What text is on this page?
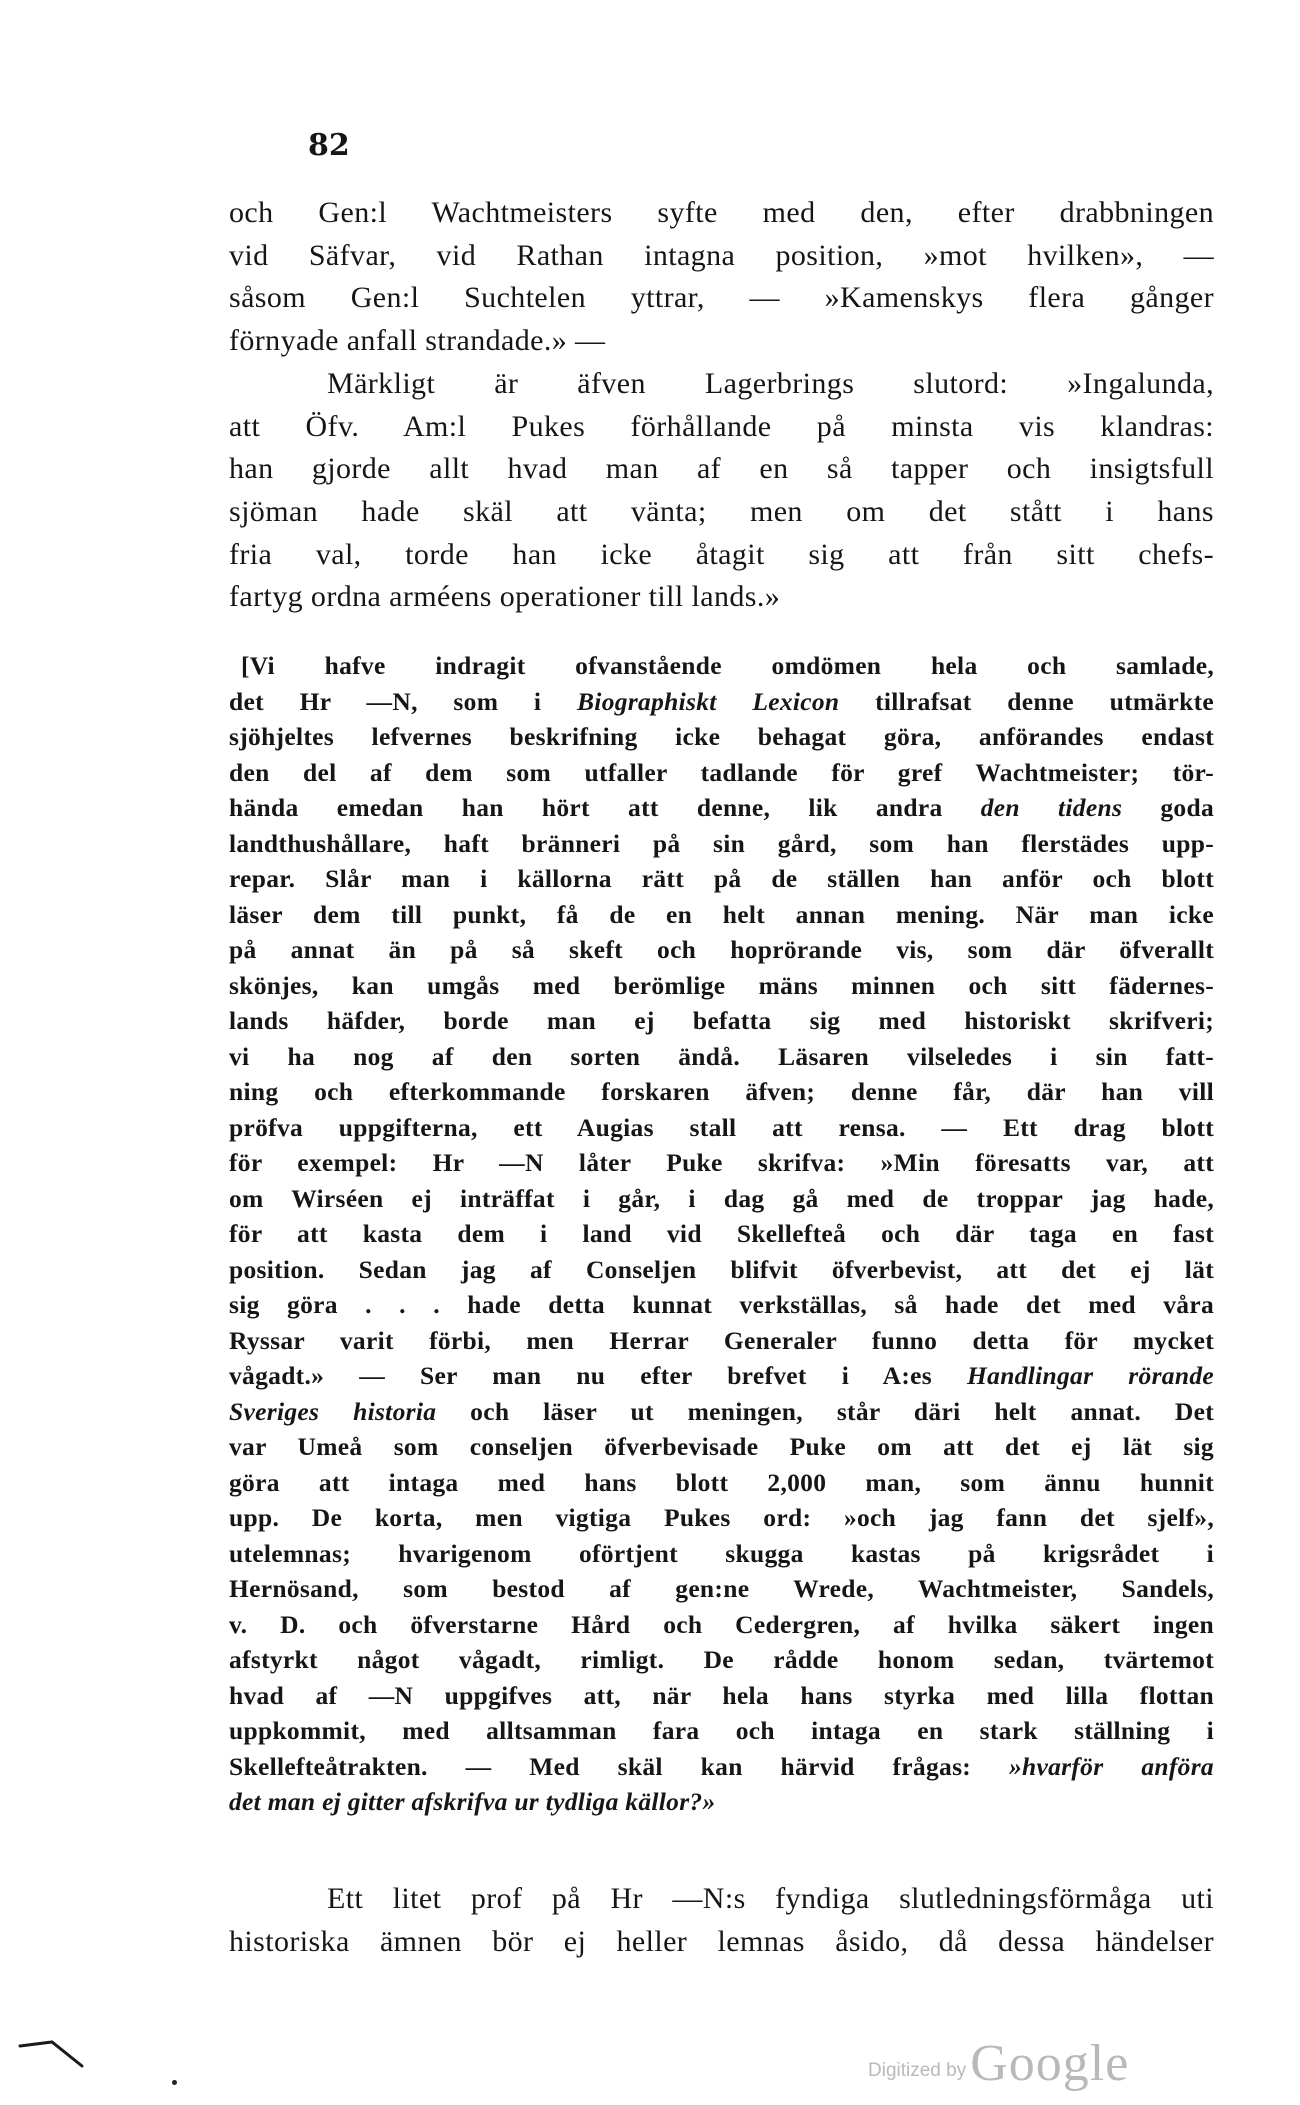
82
och Gen:l Wachtmeisters syfte med den, efter drabbningen
vid Säfvar, vid Rathan intagna position, »mot hvilken», —
såsom Gen:l Suchtelen yttrar, — »Kamenskys flera gånger
förnyade anfall strandade.» —
Märkligt är äfven Lagerbrings slutord: »Ingalunda,
att Öfv. Am:l Pukes förhållande på minsta vis klandras:
han gjorde allt hvad man af en så tapper och insigtsfull
sjöman hade skäl att vänta; men om det stått i hans
fria val, torde han icke åtagit sig att från sitt chefs-
fartyg ordna arméens operationer till lands.»
[Vi hafve indragit ofvanstående omdömen hela och samlade,
det Hr —N, som i Biographiskt Lexicon tillrafsat denne utmärkte
sjöhjeltes lefvernes beskrifning icke behagat göra, anförandes endast
den del af dem som utfaller tadlande för gref Wachtmeister; tör-
hända emedan han hört att denne, lik andra den tidens goda
landthushållare, haft bränneri på sin gård, som han flerstädes upp-
repar. Slår man i källorna rätt på de ställen han anför och blott
läser dem till punkt, få de en helt annan mening. När man icke
på annat än på så skeft och hoprörande vis, som där öfverallt
skönjes, kan umgås med berömlige mäns minnen och sitt fädernes-
lands häfder, borde man ej befatta sig med historiskt skrifveri;
vi ha nog af den sorten ändå. Läsaren vilseledes i sin fatt-
ning och efterkommande forskaren äfven; denne får, där han vill
pröfva uppgifterna, ett Augias stall att rensa. — Ett drag blott
för exempel: Hr —N låter Puke skrifva: »Min föresatts var, att
om Wirséen ej inträffat i går, i dag gå med de troppar jag hade,
för att kasta dem i land vid Skellefteå och där taga en fast
position. Sedan jag af Conseljen blifvit öfverbevist, att det ej lät
sig göra . . . hade detta kunnat verkställas, så hade det med våra
Ryssar varit förbi, men Herrar Generaler funno detta för mycket
vågadt.» — Ser man nu efter brefvet i A:es Handlingar rörande
Sveriges historia och läser ut meningen, står däri helt annat. Det
var Umeå som conseljen öfverbevisade Puke om att det ej lät sig
göra att intaga med hans blott 2,000 man, som ännu hunnit
upp. De korta, men vigtiga Pukes ord: »och jag fann det sjelf»,
utelemnas; hvarigenom oförtjent skugga kastas på krigsrådet i
Hernösand, som bestod af gen:ne Wrede, Wachtmeister, Sandels,
v. D. och öfverstarne Hård och Cedergren, af hvilka säkert ingen
afstyrkt något vågadt, rimligt. De rådde honom sedan, tvärtemot
hvad af —N uppgifves att, när hela hans styrka med lilla flottan
uppkommit, med alltsamman fara och intaga en stark ställning i
Skellefteåtrakten. — Med skäl kan härvid frågas: »hvarför anföra
det man ej gitter afskrifva ur tydliga källor?»
Ett litet prof på Hr —N:s fyndiga slutledningsförmåga uti
historiska ämnen bör ej heller lemnas åsido, då dessa händelser
Digitized byGoogle
